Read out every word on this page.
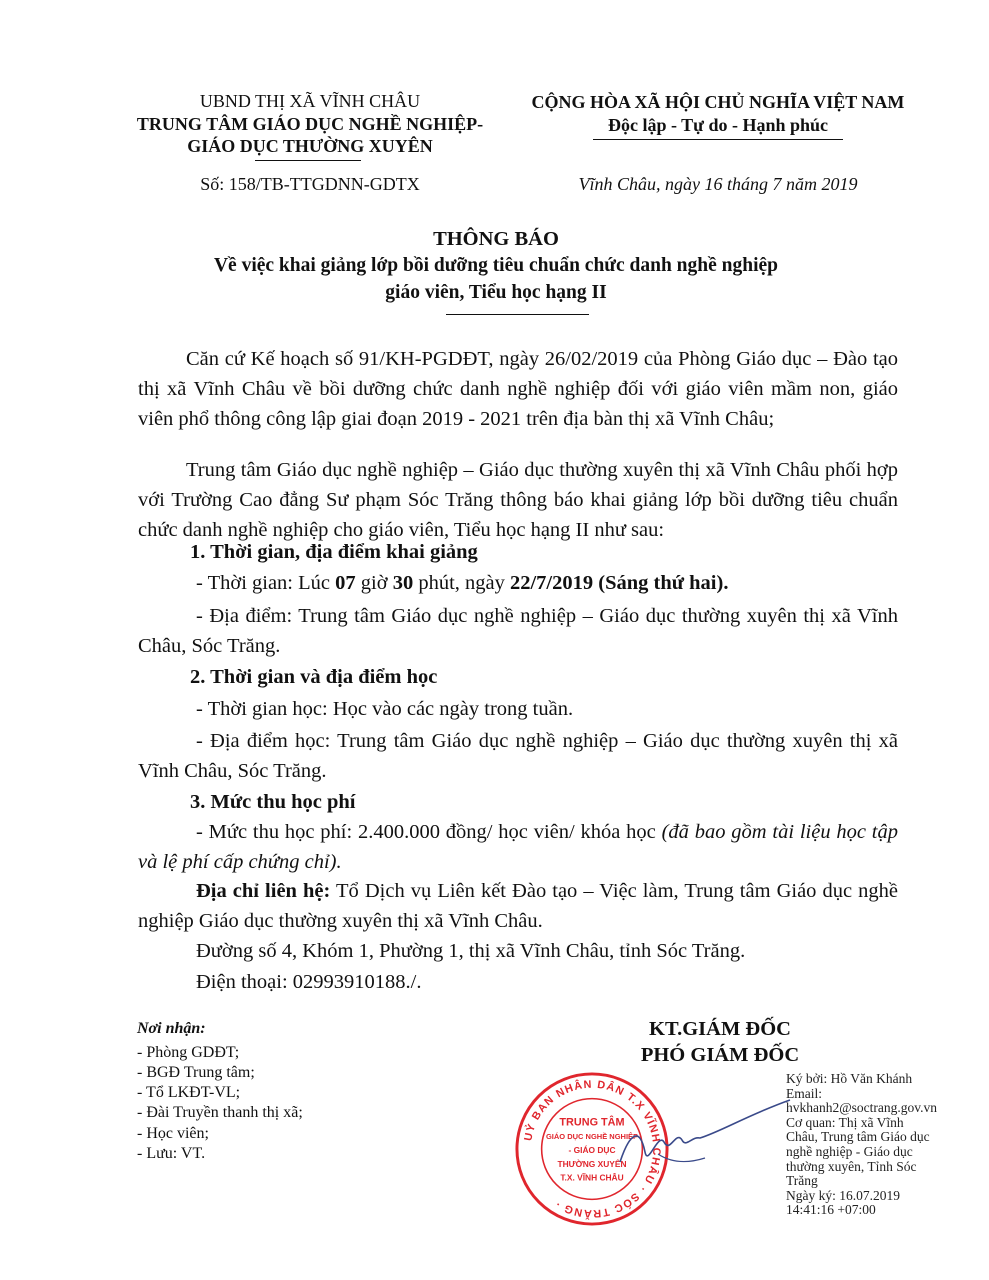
UBND THỊ XÃ VĨNH CHÂU
TRUNG TÂM GIÁO DỤC NGHỀ NGHIỆP-
GIÁO DỤC THƯỜNG XUYÊN
Số: 158/TB-TTGDNN-GDTX
CỘNG HÒA XÃ HỘI CHỦ NGHĨA VIỆT NAM
Độc lập - Tự do - Hạnh phúc
Vĩnh Châu, ngày 16 tháng 7 năm 2019
THÔNG BÁO
Về việc khai giảng lớp bồi dưỡng tiêu chuẩn chức danh nghề nghiệp
giáo viên, Tiểu học hạng II
Căn cứ Kế hoạch số 91/KH-PGDĐT, ngày 26/02/2019 của Phòng Giáo dục – Đào tạo thị xã Vĩnh Châu về bồi dưỡng chức danh nghề nghiệp đối với giáo viên mầm non, giáo viên phổ thông công lập giai đoạn 2019 - 2021 trên địa bàn thị xã Vĩnh Châu;
Trung tâm Giáo dục nghề nghiệp – Giáo dục thường xuyên thị xã Vĩnh Châu phối hợp với Trường Cao đẳng Sư phạm Sóc Trăng thông báo khai giảng lớp bồi dưỡng tiêu chuẩn chức danh nghề nghiệp cho giáo viên, Tiểu học hạng II như sau:
1. Thời gian, địa điểm khai giảng
- Thời gian: Lúc 07 giờ 30 phút, ngày 22/7/2019 (Sáng thứ hai).
- Địa điểm: Trung tâm Giáo dục nghề nghiệp – Giáo dục thường xuyên thị xã Vĩnh Châu, Sóc Trăng.
2. Thời gian và địa điểm học
- Thời gian học: Học vào các ngày trong tuần.
- Địa điểm học: Trung tâm Giáo dục nghề nghiệp – Giáo dục thường xuyên thị xã Vĩnh Châu, Sóc Trăng.
3. Mức thu học phí
- Mức thu học phí: 2.400.000 đồng/ học viên/ khóa học (đã bao gồm tài liệu học tập và lệ phí cấp chứng chỉ).
Địa chỉ liên hệ: Tổ Dịch vụ Liên kết Đào tạo – Việc làm, Trung tâm Giáo dục nghề nghiệp Giáo dục thường xuyên thị xã Vĩnh Châu.
Đường số 4, Khóm 1, Phường 1, thị xã Vĩnh Châu, tỉnh Sóc Trăng.
Điện thoại: 02993910188./.
Nơi nhận:
- Phòng GDĐT;
- BGĐ Trung tâm;
- Tổ LKĐT-VL;
- Đài Truyền thanh thị xã;
- Học viên;
- Lưu: VT.
KT.GIÁM ĐỐC
PHÓ GIÁM ĐỐC
UỶ BAN NHÂN DÂN T.X VĨNH CHÂU · SÓC TRĂNG ·
TRUNG TÂM
GIÁO DỤC NGHỀ NGHIỆP
- GIÁO DỤC
THƯỜNG XUYÊN
T.X. VĨNH CHÂU
Ký bởi: Hồ Văn Khánh
Email:
hvkhanh2@soctrang.gov.vn
Cơ quan: Thị xã Vĩnh
Châu, Trung tâm Giáo dục
nghề nghiệp - Giáo dục
thường xuyên, Tỉnh Sóc
Trăng
Ngày ký: 16.07.2019
14:41:16 +07:00
